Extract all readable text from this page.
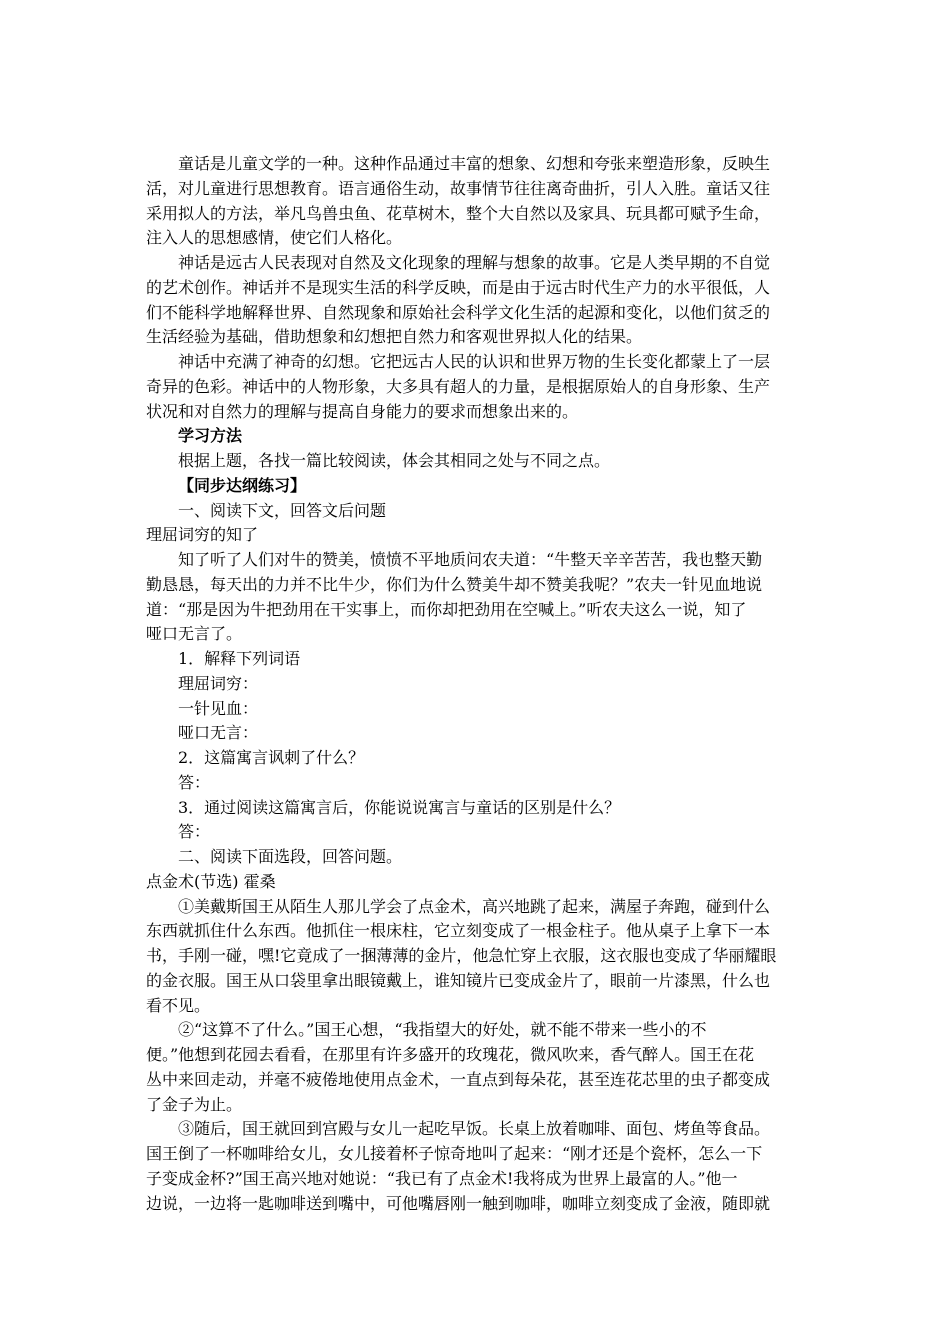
童话是儿童文学的一种。这种作品通过丰富的想象、幻想和夸张来塑造形象，反映生
活，对儿童进行思想教育。语言通俗生动，故事情节往往离奇曲折，引人入胜。童话又往
采用拟人的方法，举凡鸟兽虫鱼、花草树木，整个大自然以及家具、玩具都可赋予生命，
注入人的思想感情，使它们人格化。
神话是远古人民表现对自然及文化现象的理解与想象的故事。它是人类早期的不自觉
的艺术创作。神话并不是现实生活的科学反映，而是由于远古时代生产力的水平很低，人
们不能科学地解释世界、自然现象和原始社会科学文化生活的起源和变化，以他们贫乏的
生活经验为基础，借助想象和幻想把自然力和客观世界拟人化的结果。
神话中充满了神奇的幻想。它把远古人民的认识和世界万物的生长变化都蒙上了一层
奇异的色彩。神话中的人物形象，大多具有超人的力量，是根据原始人的自身形象、生产
状况和对自然力的理解与提高自身能力的要求而想象出来的。
学习方法
根据上题，各找一篇比较阅读，体会其相同之处与不同之点。
【同步达纲练习】
一、阅读下文，回答文后问题
理屈词穷的知了
知了听了人们对牛的赞美，愤愤不平地质问农夫道：“牛整天辛辛苦苦，我也整天勤
勤恳恳，每天出的力并不比牛少，你们为什么赞美牛却不赞美我呢？”农夫一针见血地说
道：“那是因为牛把劲用在干实事上，而你却把劲用在空喊上。”听农夫这么一说，知了
哑口无言了。
1．解释下列词语
理屈词穷：
一针见血：
哑口无言：
2．这篇寓言讽刺了什么？
答：
3．通过阅读这篇寓言后，你能说说寓言与童话的区别是什么？
答：
二、阅读下面选段，回答问题。
点金术(节选) 霍桑
①美戴斯国王从陌生人那儿学会了点金术，高兴地跳了起来，满屋子奔跑，碰到什么
东西就抓住什么东西。他抓住一根床柱，它立刻变成了一根金柱子。他从桌子上拿下一本
书，手刚一碰，嘿!它竟成了一捆薄薄的金片，他急忙穿上衣服，这衣服也变成了华丽耀眼
的金衣服。国王从口袋里拿出眼镜戴上，谁知镜片已变成金片了，眼前一片漆黑，什么也
看不见。
②“这算不了什么。”国王心想，“我指望大的好处，就不能不带来一些小的不
便。”他想到花园去看看，在那里有许多盛开的玫瑰花，微风吹来，香气醉人。国王在花
丛中来回走动，并毫不疲倦地使用点金术，一直点到每朵花，甚至连花芯里的虫子都变成
了金子为止。
③随后，国王就回到宫殿与女儿一起吃早饭。长桌上放着咖啡、面包、烤鱼等食品。
国王倒了一杯咖啡给女儿，女儿接着杯子惊奇地叫了起来：“刚才还是个瓷杯，怎么一下
子变成金杯?”国王高兴地对她说：“我已有了点金术!我将成为世界上最富的人。”他一
边说，一边将一匙咖啡送到嘴中，可他嘴唇刚一触到咖啡，咖啡立刻变成了金液，随即就
